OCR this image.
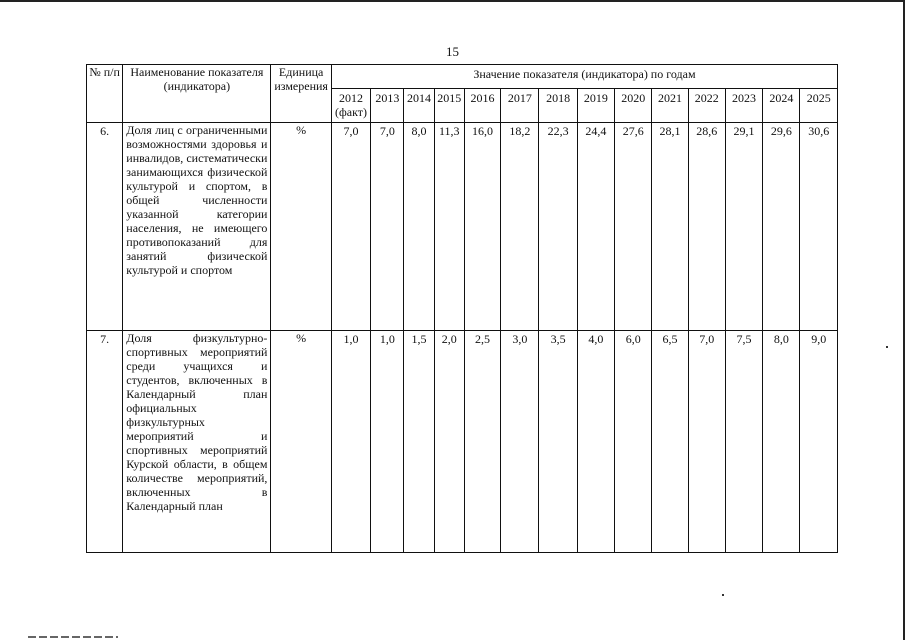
15
№ п/п	Наименование показателя (индикатора)	Единица измерения	Значение показателя (индикатора) по годам													
			2012 (факт)	2013	2014	2015	2016	2017	2018	2019	2020	2021	2022	2023	2024	2025
6.	Доля лиц с ограниченными возможностями здоровья и инвалидов, систематически занимающихся физической культурой и спортом, в общей численности указанной категории населения, не имеющего противопоказаний для занятий физической культурой и спортом	%	7,0	7,0	8,0	11,3	16,0	18,2	22,3	24,4	27,6	28,1	28,6	29,1	29,6	30,6
7.	Доля физкультурно-спортивных мероприятий среди учащихся и студентов, включенных в Календарный план официальных физкультурных мероприятий и спортивных мероприятий Курской области, в общем количестве мероприятий, включенных в Календарный план	%	1,0	1,0	1,5	2,0	2,5	3,0	3,5	4,0	6,0	6,5	7,0	7,5	8,0	9,0
